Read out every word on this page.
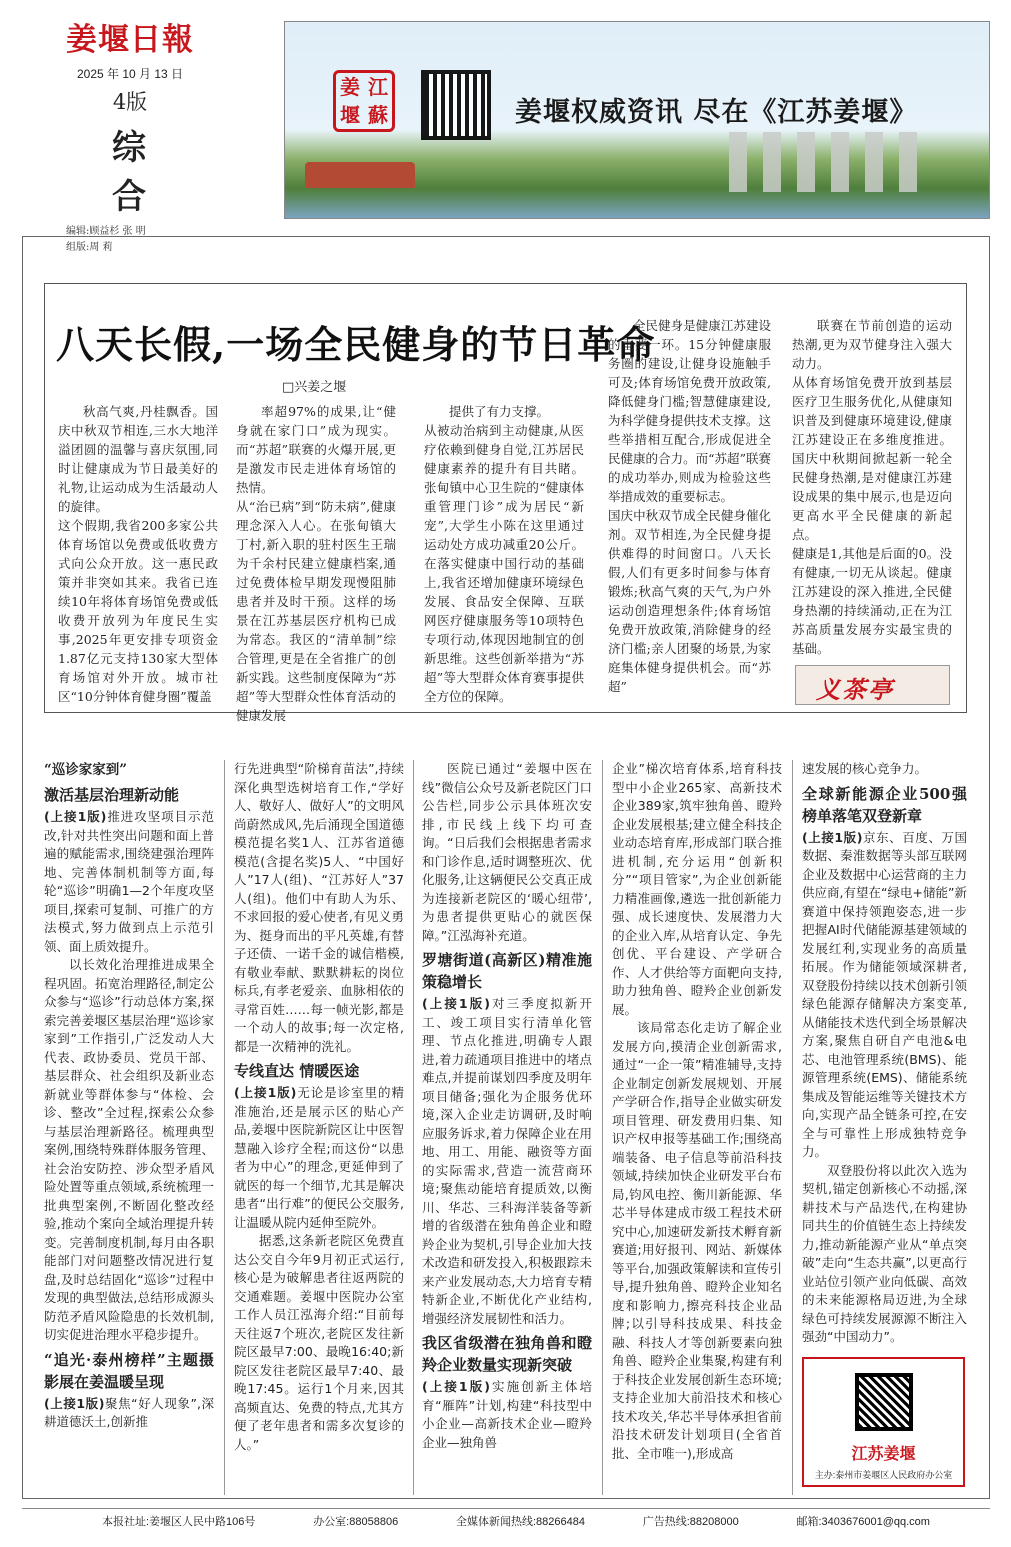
姜堰日報
2025 年 10 月 13 日
4版
综 合
编辑:顾益杉 张 明
组版:周 莉
姜 江
堰 蘇	姜堰权威资讯 尽在《江苏姜堰》
八天长假,一场全民健身的节日革命
□兴姜之堰

秋高气爽,丹桂飘香。国庆中秋双节相连,三水大地洋溢团圆的温馨与喜庆氛围,同时让健康成为节日最美好的礼物,让运动成为生活最动人的旋律。
这个假期,我省200多家公共体育场馆以免费或低收费方式向公众开放。这一惠民政策并非突如其来。我省已连续10年将体育场馆免费或低收费开放列为年度民生实事,2025年更安排专项资金1.87亿元支持130家大型体育场馆对外开放。城市社区“10分钟体育健身圈”覆盖

率超97%的成果,让“健身就在家门口”成为现实。而“苏超”联赛的火爆开展,更是激发市民走进体育场馆的热情。
从“治已病”到“防未病”,健康理念深入人心。在张甸镇大丁村,新入职的驻村医生王瑞为千余村民建立健康档案,通过免费体检早期发现慢阻肺患者并及时干预。这样的场景在江苏基层医疗机构已成为常态。我区的“清单制”综合管理,更是在全省推广的创新实践。这些制度保障为“苏超”等大型群众性体育活动的健康发展

提供了有力支撑。
从被动治病到主动健康,从医疗依赖到健身自觉,江苏居民健康素养的提升有目共睹。张甸镇中心卫生院的“健康体重管理门诊”成为居民“新宠”,大学生小陈在这里通过运动处方成功减重20公斤。在落实健康中国行动的基础上,我省还增加健康环境绿色发展、食品安全保障、互联网医疗健康服务等10项特色专项行动,体现因地制宜的创新思维。这些创新举措为“苏超”等大型群众体育赛事提供全方位的保障。

全民健身是健康江苏建设的重要一环。15分钟健康服务圈的建设,让健身设施触手可及;体育场馆免费开放政策,降低健身门槛;智慧健康建设,为科学健身提供技术支撑。这些举措相互配合,形成促进全民健康的合力。而“苏超”联赛的成功举办,则成为检验这些举措成效的重要标志。
国庆中秋双节成全民健身催化剂。双节相连,为全民健身提供难得的时间窗口。八天长假,人们有更多时间参与体育锻炼;秋高气爽的天气,为户外运动创造理想条件;体育场馆免费开放政策,消除健身的经济门槛;亲人团聚的场景,为家庭集体健身提供机会。而“苏超”

联赛在节前创造的运动热潮,更为双节健身注入强大动力。
从体育场馆免费开放到基层医疗卫生服务优化,从健康知识普及到健康环境建设,健康江苏建设正在多维度推进。国庆中秋期间掀起新一轮全民健身热潮,是对健康江苏建设成果的集中展示,也是迈向更高水平全民健康的新起点。
健康是1,其他是后面的0。没有健康,一切无从谈起。健康江苏建设的深入推进,全民健身热潮的持续涌动,正在为江苏高质量发展夯实最宝贵的基础。

义茶亭
“巡诊家家到”
激活基层治理新动能

(上接1版)推进攻坚项目示范改,针对共性突出问题和面上普遍的赋能需求,围绕建强治理阵地、完善体制机制等方面,每轮“巡诊”明确1—2个年度攻坚项目,探索可复制、可推广的方法模式,努力做到点上示范引领、面上质效提升。

以长效化治理推进成果全程巩固。拓宽治理路径,制定公众参与“巡诊”行动总体方案,探索完善姜堰区基层治理“巡诊家家到”工作指引,广泛发动人大代表、政协委员、党员干部、基层群众、社会组织及新业态新就业等群体参与“体检、会诊、整改”全过程,探索公众参与基层治理新路径。梳理典型案例,围绕特殊群体服务管理、社会治安防控、涉众型矛盾风险处置等重点领域,系统梳理一批典型案例,不断固化整改经验,推动个案向全域治理提升转变。完善制度机制,每月由各职能部门对问题整改情况进行复盘,及时总结固化“巡诊”过程中发现的典型做法,总结形成源头防范矛盾风险隐患的长效机制,切实促进治理水平稳步提升。

“追光·泰州榜样”主题摄影展在姜温暖呈现

(上接1版)聚焦“好人现象”,深耕道德沃土,创新推

行先进典型“阶梯育苗法”,持续深化典型选树培育工作,“学好人、敬好人、做好人”的文明风尚蔚然成风,先后涌现全国道德模范提名奖1人、江苏省道德模范(含提名奖)5人、“中国好人”17人(组)、“江苏好人”37人(组)。他们中有助人为乐、不求回报的爱心使者,有见义勇为、挺身而出的平凡英雄,有替子还债、一诺千金的诚信楷模,有敬业奉献、默默耕耘的岗位标兵,有孝老爱亲、血脉相依的寻常百姓……每一帧光影,都是一个动人的故事;每一次定格,都是一次精神的洗礼。

专线直达 情暖医途

(上接1版)无论是诊室里的精准施治,还是展示区的贴心产品,姜堰中医院新院区让中医智慧融入诊疗全程;而这份“以患者为中心”的理念,更延伸到了就医的每一个细节,尤其是解决患者“出行难”的便民公交服务,让温暖从院内延伸至院外。

据悉,这条新老院区免费直达公交自今年9月初正式运行,核心是为破解患者往返两院的交通难题。姜堰中医院办公室工作人员江泓海介绍:“目前每天往返7个班次,老院区发往新院区最早7:00、最晚16:40;新院区发往老院区最早7:40、最晚17:45。运行1个月来,因其高频直达、免费的特点,尤其方便了老年患者和需多次复诊的人。”

医院已通过“姜堰中医在线”微信公众号及新老院区门口公告栏,同步公示具体班次安排,市民线上线下均可查询。“日后我们会根据患者需求和门诊作息,适时调整班次、优化服务,让这辆便民公交真正成为连接新老院区的‘暖心纽带’,为患者提供更贴心的就医保障。”江泓海补充道。

罗塘街道(高新区)精准施策稳增长

(上接1版)对三季度拟新开工、竣工项目实行清单化管理、节点化推进,明确专人跟进,着力疏通项目推进中的堵点难点,并提前谋划四季度及明年项目储备;强化为企服务优环境,深入企业走访调研,及时响应服务诉求,着力保障企业在用地、用工、用能、融资等方面的实际需求,营造一流营商环境;聚焦动能培育提质效,以衡川、华芯、三科海洋装备等新增的省级潜在独角兽企业和瞪羚企业为契机,引导企业加大技术改造和研发投入,积极跟踪未来产业发展动态,大力培育专精特新企业,不断优化产业结构,增强经济发展韧性和活力。

我区省级潜在独角兽和瞪羚企业数量实现新突破

(上接1版)实施创新主体培育“雁阵”计划,构建“科技型中小企业—高新技术企业—瞪羚企业—独角兽

企业”梯次培育体系,培育科技型中小企业265家、高新技术企业389家,筑牢独角兽、瞪羚企业发展根基;建立健全科技企业动态培育库,形成部门联合推进机制,充分运用“创新积分”“项目管家”,为企业创新能力精准画像,遴选一批创新能力强、成长速度快、发展潜力大的企业入库,从培育认定、争先创优、平台建设、产学研合作、人才供给等方面靶向支持,助力独角兽、瞪羚企业创新发展。

该局常态化走访了解企业发展方向,摸清企业创新需求,通过“一企一策”精准辅导,支持企业制定创新发展规划、开展产学研合作,指导企业做实研发项目管理、研发费用归集、知识产权申报等基础工作;围绕高端装备、电子信息等前沿科技领域,持续加快企业研发平台布局,钧风电控、衡川新能源、华芯半导体建成市级工程技术研究中心,加速研发新技术孵育新赛道;用好报刊、网站、新媒体等平台,加强政策解读和宣传引导,提升独角兽、瞪羚企业知名度和影响力,擦亮科技企业品牌;以引导科技成果、科技金融、科技人才等创新要素向独角兽、瞪羚企业集聚,构建有利于科技企业发展创新生态环境;支持企业加大前沿技术和核心技术攻关,华芯半导体承担省前沿技术研发计划项目(全省首批、全市唯一),形成高

速发展的核心竞争力。

全球新能源企业500强榜单落笔双登新章

(上接1版)京东、百度、万国数据、秦淮数据等头部互联网企业及数据中心运营商的主力供应商,有望在“绿电+储能”新赛道中保持领跑姿态,进一步把握AI时代储能源基建领域的发展红利,实现业务的高质量拓展。作为储能领域深耕者,双登股份持续以技术创新引领绿色能源存储解决方案变革,从储能技术迭代到全场景解决方案,聚焦自研自产电池&电芯、电池管理系统(BMS)、能源管理系统(EMS)、储能系统集成及智能运维等关键技术方向,实现产品全链条可控,在安全与可靠性上形成独特竞争力。

双登股份将以此次入选为契机,锚定创新核心不动摇,深耕技术与产品迭代,在构建协同共生的价值链生态上持续发力,推动新能源产业从“单点突破”走向“生态共赢”,以更高行业站位引领产业向低碳、高效的未来能源格局迈进,为全球绿色可持续发展源源不断注入强劲“中国动力”。

江苏姜堰
主办:泰州市姜堰区人民政府办公室
本报社址:姜堰区人民中路106号	办公室:88058806	全媒体新闻热线:88266484	广告热线:88208000	邮箱:3403676001@qq.com
